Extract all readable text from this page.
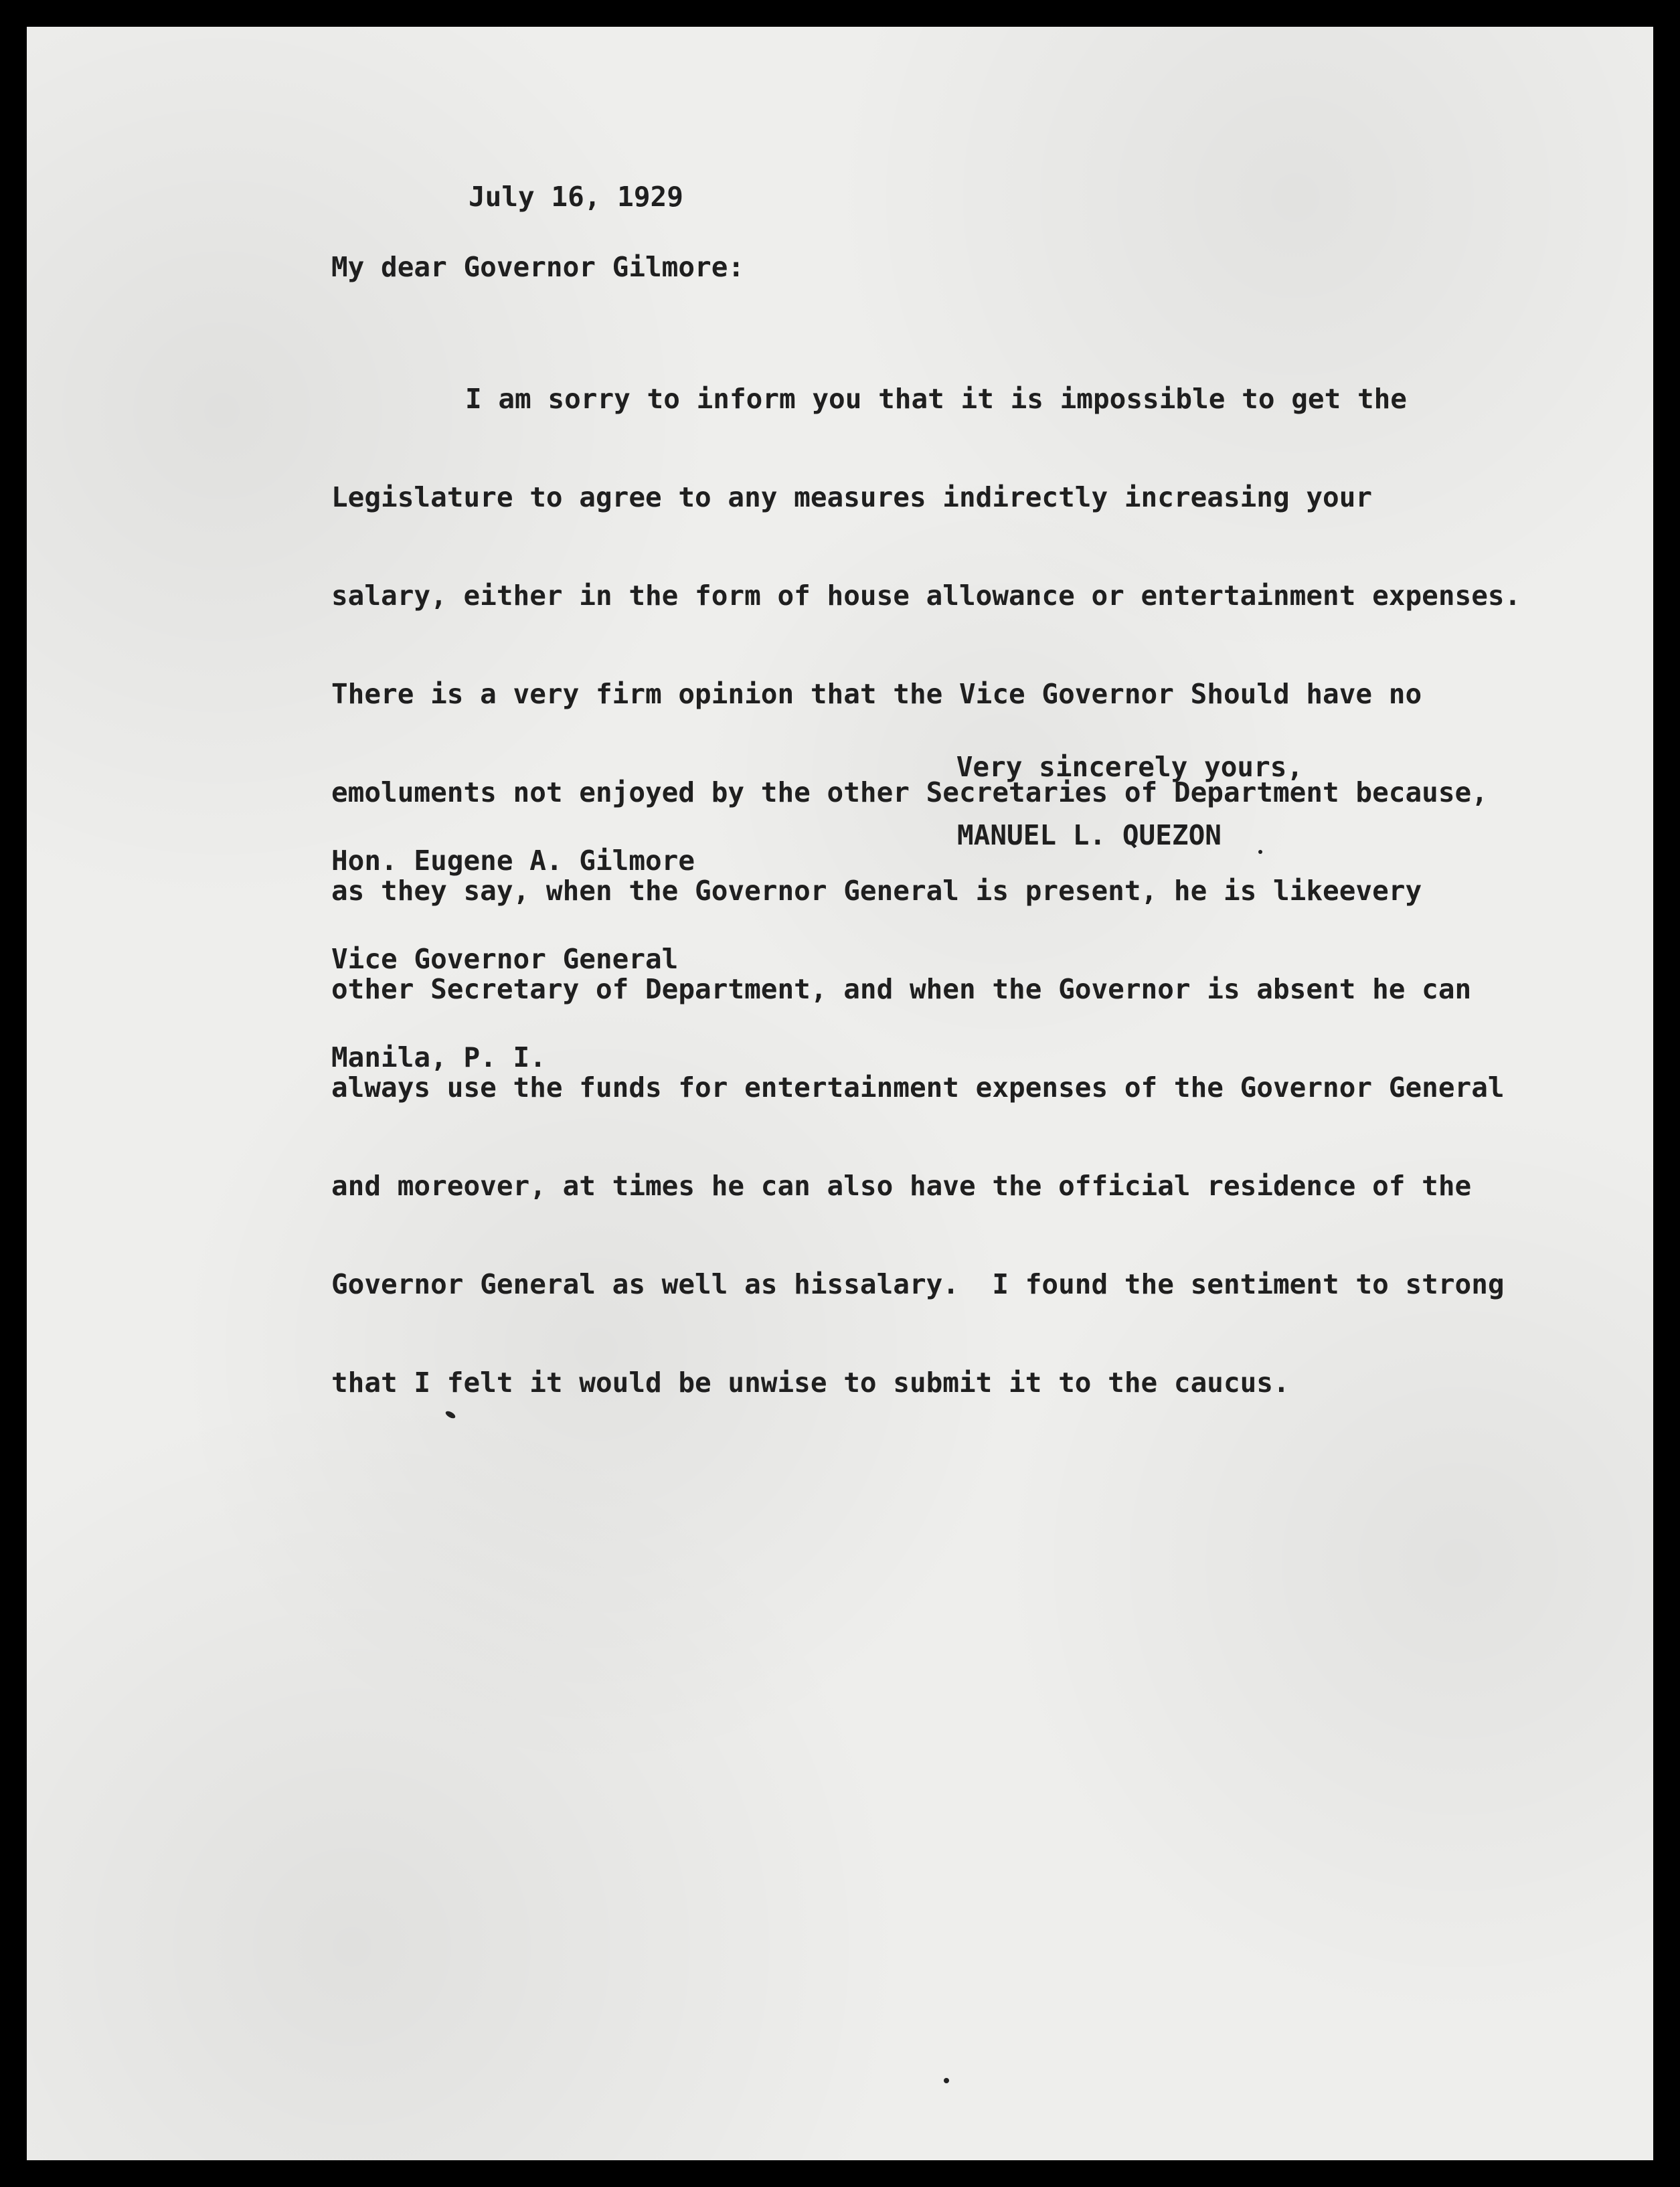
July 16, 1929
My dear Governor Gilmore:

I am sorry to inform you that it is impossible to get the

Legislature to agree to any measures indirectly increasing your

salary, either in the form of house allowance or entertainment expenses.

There is a very firm opinion that the Vice Governor Should have no

emoluments not enjoyed by the other Secretaries of Department because,

as they say, when the Governor General is present, he is likeevery

other Secretary of Department, and when the Governor is absent he can

always use the funds for entertainment expenses of the Governor General

and moreover, at times he can also have the official residence of the

Governor General as well as hissalary.  I found the sentiment to strong

that I felt it would be unwise to submit it to the caucus.

Very sincerely yours,

MANUEL L. QUEZON

Hon. Eugene A. Gilmore

Vice Governor General

Manila, P. I.
